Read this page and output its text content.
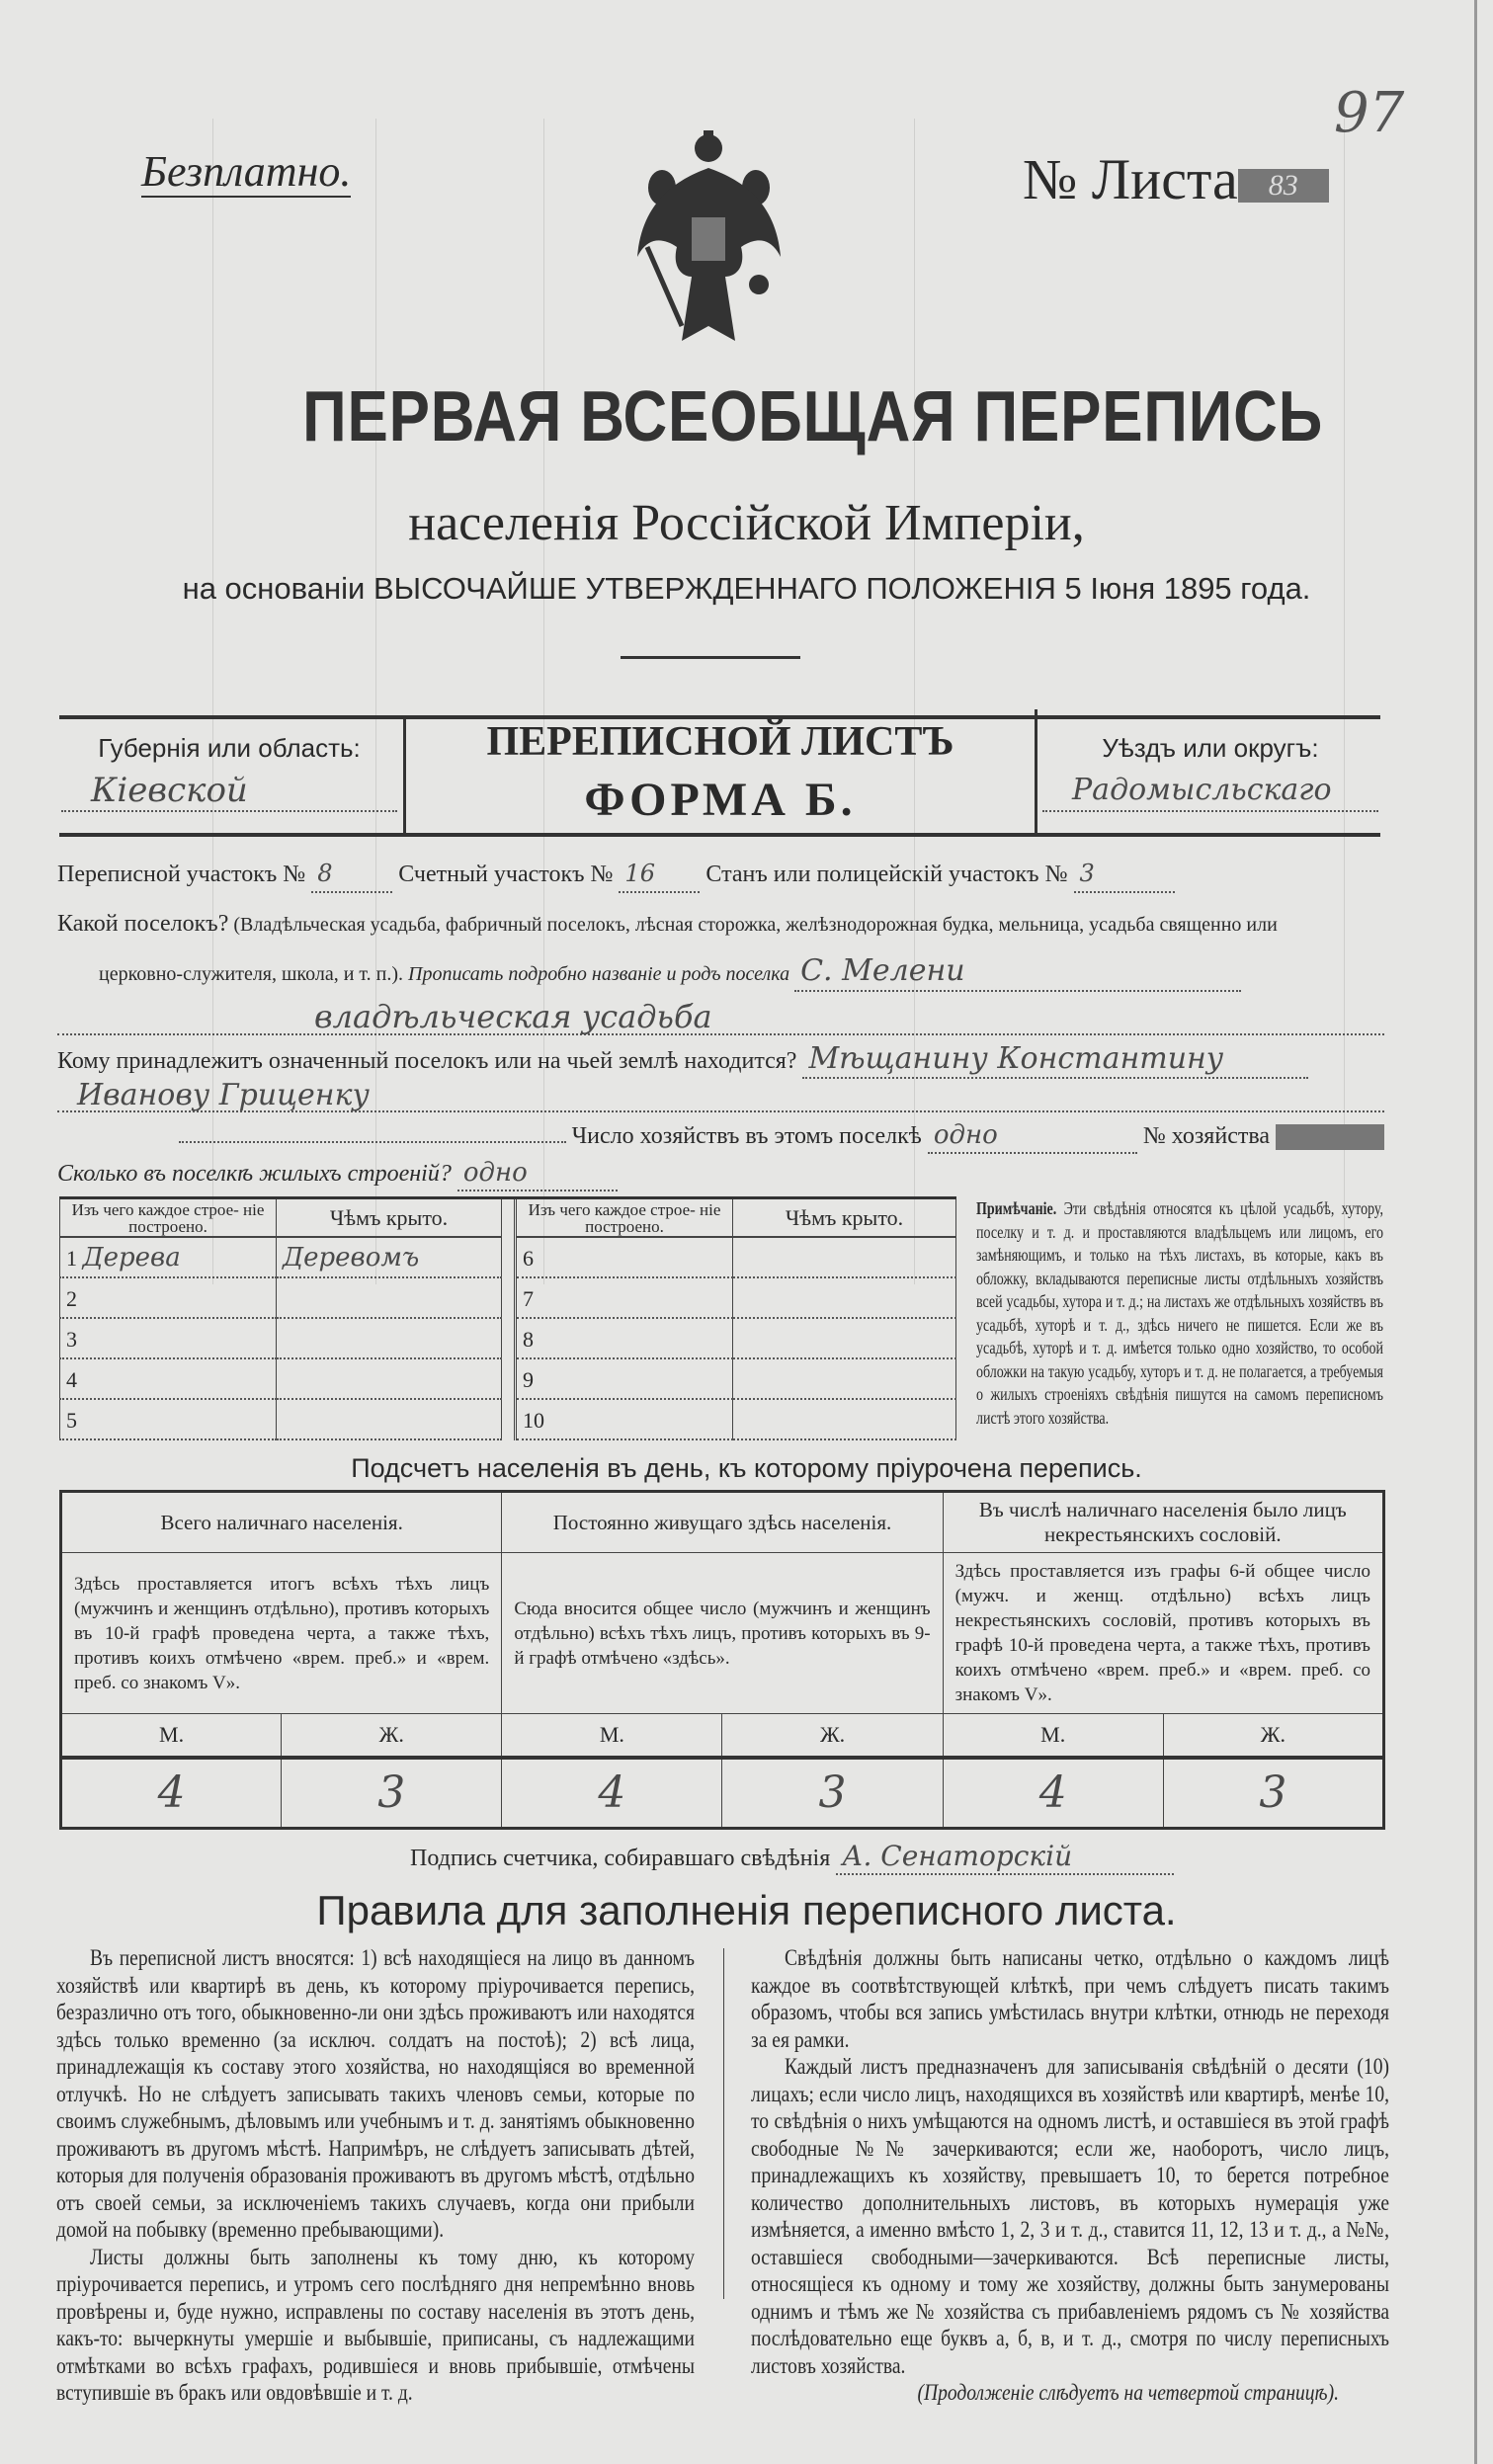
Безплатно.	№ Листа 83
97
ПЕРВАЯ ВСЕОБЩАЯ ПЕРЕПИСЬ
населенія Россійской Имперіи,
на основаніи ВЫСОЧАЙШЕ УТВЕРЖДЕННАГО ПОЛОЖЕНІЯ 5 Іюня 1895 года.
Губернія или область:
Кіевской
ПЕРЕПИСНОЙ ЛИСТЪ
ФОРМА Б.
Уѣздъ или округъ:
Радомысльскаго
Переписной участокъ № 8	Счетный участокъ № 16 Станъ или полицейскій участокъ № 3
Какой поселокъ? (Владѣльческая усадьба, фабричный поселокъ, лѣсная сторожка, желѣзнодорожная будка, мельница, усадьба священно или
церковно-служителя, школа, и т. п.). Прописать подробно названіе и родъ поселка С. Мелени
владѣльческая усадьба
Кому принадлежитъ означенный поселокъ или на чьей землѣ находится? Мѣщанину Константину
Иванову Гриценку
Число хозяйствъ въ этомъ поселкѣ одно	№ хозяйства
Сколько въ поселкѣ жилыхъ строеній? одно
Изъ чего каждое строе- ніе построено.	Чѣмъ крыто.
1 Дерева	Деревомъ
2	
3	
4	
5	
Изъ чего каждое строе- ніе построено.	Чѣмъ крыто.
6	
7	
8	
9	
10	
Примѣчаніе. Эти свѣдѣнія относятся къ цѣлой усадьбѣ, хутору, поселку и т. д. и проставляются владѣльцемъ или лицомъ, его замѣняющимъ, и только на тѣхъ листахъ, въ которые, какъ въ обложку, вкладываются переписные листы отдѣльныхъ хозяйствъ всей усадьбы, хутора и т. д.; на листахъ же отдѣльныхъ хозяйствъ въ усадьбѣ, хуторѣ и т. д., здѣсь ничего не пишется. Если же въ усадьбѣ, хуторѣ и т. д. имѣется только одно хозяйство, то особой обложки на такую усадьбу, хуторъ и т. д. не полагается, а требуемыя о жилыхъ строеніяхъ свѣдѣнія пишутся на самомъ переписномъ листѣ этого хозяйства.
Подсчетъ населенія въ день, къ которому пріурочена перепись.
Всего наличнаго населенія.		Постоянно живущаго здѣсь населенія.		Въ числѣ наличнаго населенія было лицъ некрестьянскихъ сословій.	
Здѣсь проставляется итогъ всѣхъ тѣхъ лицъ (мужчинъ и женщинъ отдѣльно), противъ которыхъ въ 10-й графѣ проведена черта, а также тѣхъ, противъ коихъ отмѣчено «врем. преб.» и «врем. преб. со знакомъ V».		Сюда вносится общее число (мужчинъ и женщинъ отдѣльно) всѣхъ тѣхъ лицъ, противъ которыхъ въ 9-й графѣ отмѣчено «здѣсь».		Здѣсь проставляется изъ графы 6-й общее число (мужч. и женщ. отдѣльно) всѣхъ лицъ некрестьянскихъ сословій, противъ которыхъ въ графѣ 10-й проведена черта, а также тѣхъ, противъ коихъ отмѣчено «врем. преб.» и «врем. преб. со знакомъ V».	
М.	Ж.	М.	Ж.	М.	Ж.
4	3	4	3	4	3
Подпись счетчика, собиравшаго свѣдѣнія А. Сенаторскій
Правила для заполненія переписного листа.

Въ переписной листъ вносятся: 1) всѣ находящіеся на лицо въ данномъ хозяйствѣ или квартирѣ въ день, къ которому пріурочивается перепись, безразлично отъ того, обыкновенно-ли они здѣсь проживаютъ или находятся здѣсь только временно (за исключ. солдатъ на постоѣ); 2) всѣ лица, принадлежащія къ составу этого хозяйства, но находящіяся во временной отлучкѣ. Но не слѣдуетъ записывать такихъ членовъ семьи, которые по своимъ служебнымъ, дѣловымъ или учебнымъ и т. д. занятіямъ обыкновенно проживаютъ въ другомъ мѣстѣ. Напримѣръ, не слѣдуетъ записывать дѣтей, которыя для полученія образованія проживаютъ въ другомъ мѣстѣ, отдѣльно отъ своей семьи, за исключеніемъ такихъ случаевъ, когда они прибыли домой на побывку (временно пребывающими).

Листы должны быть заполнены къ тому дню, къ которому пріурочивается перепись, и утромъ сего послѣдняго дня непремѣнно вновь провѣрены и, буде нужно, исправлены по составу населенія въ этотъ день, какъ-то: вычеркнуты умершіе и выбывшіе, приписаны, съ надлежащими отмѣтками во всѣхъ графахъ, родившіеся и вновь прибывшіе, отмѣчены вступившіе въ бракъ или овдовѣвшіе и т. д.

Свѣдѣнія должны быть написаны четко, отдѣльно о каждомъ лицѣ каждое въ соотвѣтствующей клѣткѣ, при чемъ слѣдуетъ писать такимъ образомъ, чтобы вся запись умѣстилась внутри клѣтки, отнюдь не переходя за ея рамки.

Каждый листъ предназначенъ для записыванія свѣдѣній о десяти (10) лицахъ; если число лицъ, находящихся въ хозяйствѣ или квартирѣ, менѣе 10, то свѣдѣнія о нихъ умѣщаются на одномъ листѣ, и оставшіеся въ этой графѣ свободные №№ зачеркиваются; если же, наоборотъ, число лицъ, принадлежащихъ къ хозяйству, превышаетъ 10, то берется потребное количество дополнительныхъ листовъ, въ которыхъ нумерація уже измѣняется, а именно вмѣсто 1, 2, 3 и т. д., ставится 11, 12, 13 и т. д., а №№, оставшіеся свободными—зачеркиваются. Всѣ переписные листы, относящіеся къ одному и тому же хозяйству, должны быть занумерованы однимъ и тѣмъ же № хозяйства съ прибавленіемъ рядомъ съ № хозяйства послѣдовательно еще буквъ а, б, в, и т. д., смотря по числу переписныхъ листовъ хозяйства.

(Продолженіе слѣдуетъ на четвертой страницѣ).
